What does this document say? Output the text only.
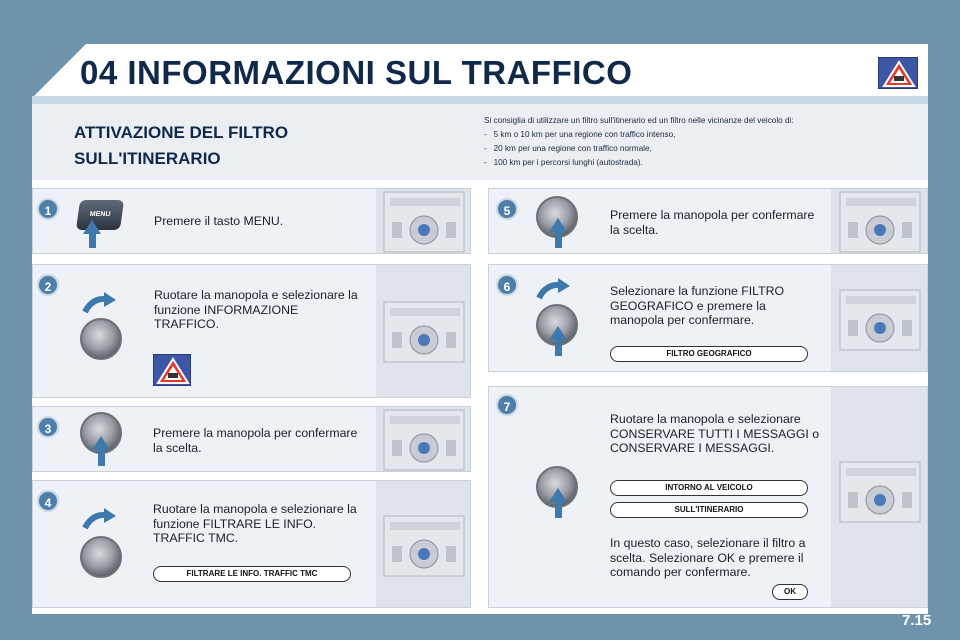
04 INFORMAZIONI SUL TRAFFICO
ATTIVAZIONE DEL FILTRO
SULL'ITINERARIO
Si consiglia di utilizzare un filtro sull'itinerario ed un filtro nelle vicinanze del veicolo di:
-   5 km o 10 km per una regione con traffico intenso,
-   20 km per una regione con traffico normale,
-   100 km per i percorsi lunghi (autostrada).
1	MENU	Premere il tasto MENU.
2
Ruotare la manopola e selezionare la funzione INFORMAZIONE TRAFFICO.
3	Premere la manopola per confermare la scelta.
4	Ruotare la manopola e selezionare la funzione FILTRARE LE INFO. TRAFFIC TMC.
FILTRARE LE INFO. TRAFFIC TMC
5	Premere la manopola per confermare la scelta.
6	Selezionare la funzione FILTRO GEOGRAFICO e premere la manopola per confermare.
FILTRO GEOGRAFICO
7
Ruotare la manopola e selezionare CONSERVARE TUTTI I MESSAGGI o CONSERVARE I MESSAGGI.
INTORNO AL VEICOLO
SULL'ITINERARIO
In questo caso, selezionare il filtro a scelta. Selezionare OK e premere il comando per confermare.
OK
7.15
